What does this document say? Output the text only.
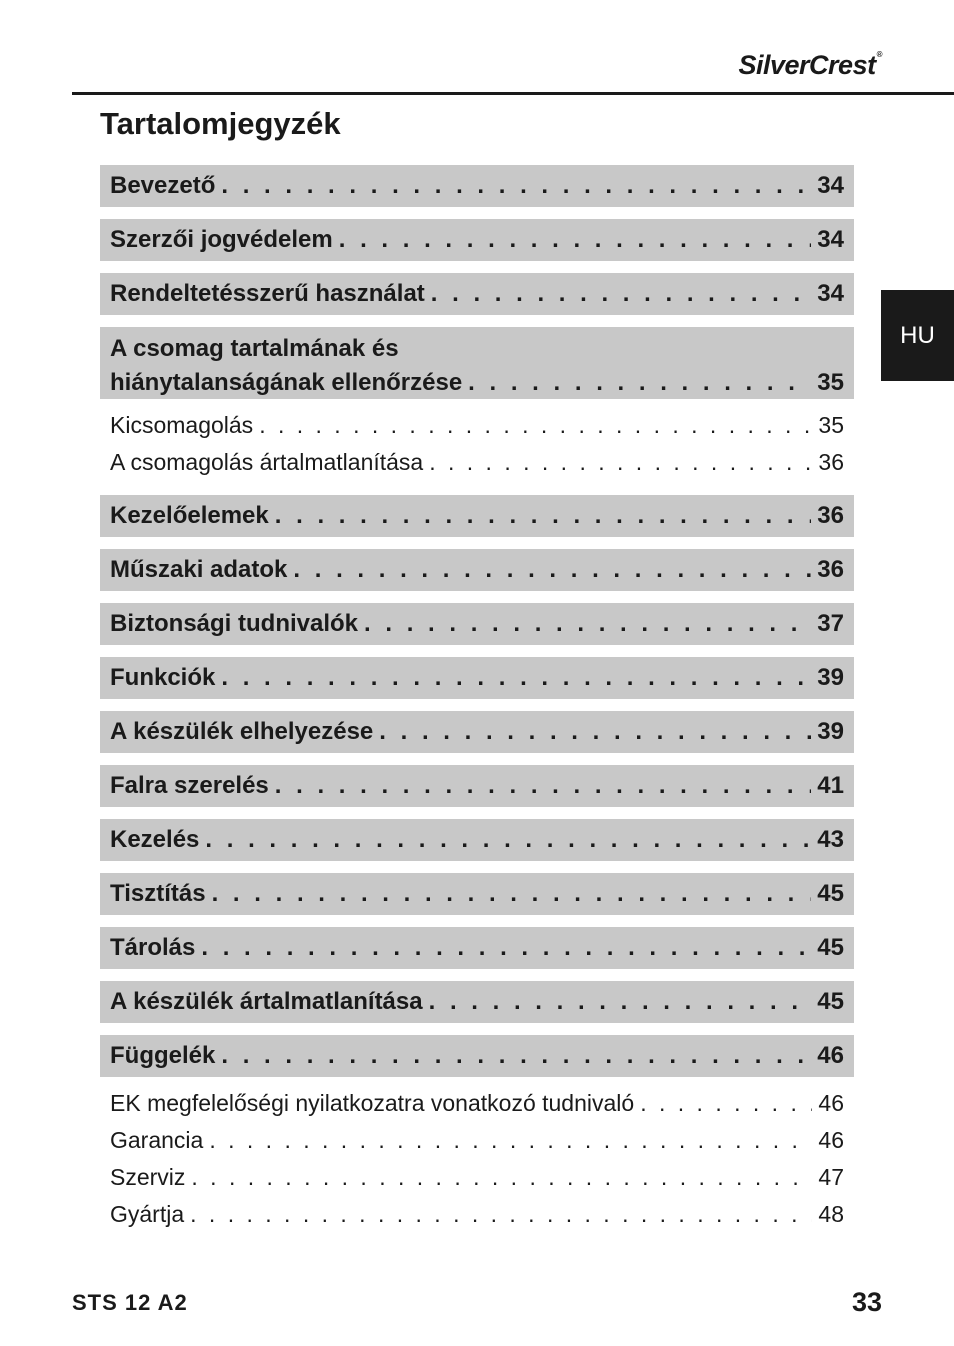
SilverCrest®
Tartalomjegyzék
HU
Bevezető . . .	34
Szerzői jogvédelem . . .	34
Rendeltetésszerű használat . . .	34
A csomag tartalmának és
hiánytalanságának ellenőrzése . . .	35
Kicsomagolás . . .	35
A csomagolás ártalmatlanítása . . .	36
Kezelőelemek . . .	36
Műszaki adatok . . .	36
Biztonsági tudnivalók . . .	37
Funkciók . . .	39
A készülék elhelyezése . . .	39
Falra szerelés . . .	41
Kezelés . . .	43
Tisztítás . . .	45
Tárolás . . .	45
A készülék ártalmatlanítása . . .	45
Függelék . . .	46
EK megfelelőségi nyilatkozatra vonatkozó tudnivaló . . .	46
Garancia . . .	46
Szerviz . . .	47
Gyártja . . .	48
STS 12 A2	33
